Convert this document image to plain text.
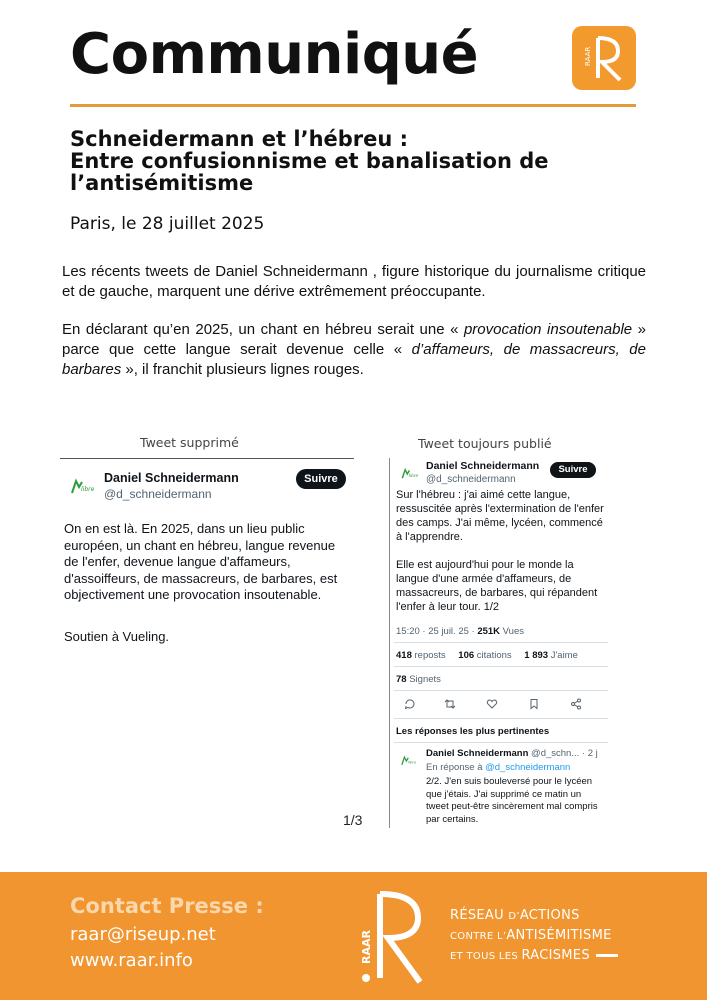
Communiqué	RAAR
Schneidermann et l’hébreu :
Entre confusionnisme et banalisation de
l’antisémitisme
Paris, le 28 juillet 2025

Les récents tweets de Daniel Schneidermann , figure historique du journalisme critique et de gauche, marquent une dérive extrêmement préoccupante.

En déclarant qu’en 2025, un chant en hébreu serait une « provocation insoutenable » parce que cette langue serait devenue celle « d’affameurs, de massacreurs, de barbares », il franchit plusieurs lignes rouges.

Tweet supprimé	Tweet toujours publié
libre
Daniel Schneidermann
@d_schneidermann
Suivre
On en est là. En 2025, dans un lieu public européen, un chant en hébreu, langue revenue de l'enfer, devenue langue d'affameurs, d'assoiffeurs, de massacreurs, de barbares, est objectivement une provocation insoutenable.
Soutien à Vueling.
libre
Daniel Schneidermann
@d_schneidermann
Suivre
Sur l'hébreu : j'ai aimé cette langue, ressuscitée après l'extermination de l'enfer des camps. J'ai même, lycéen, commencé à l'apprendre.
Elle est aujourd'hui pour le monde la langue d'une armée d'affameurs, de massacreurs, de barbares, qui répandent l'enfer à leur tour. 1/2
15:20 · 25 juil. 25 · 251K Vues
418 reposts 106 citations 1 893 J'aime
78 Signets
Les réponses les plus pertinentes
libre
Daniel Schneidermann @d_schn... · 2 j
En réponse à @d_schneidermann
2/2. J'en suis bouleversé pour le lycéen que j'étais. J'ai supprimé ce matin un tweet peut-être sincèrement mal compris par certains.
1/3
Contact Presse :
raar@riseup.net
www.raar.info	RAAR
RÉSEAU D’ACTIONS
CONTRE L’ANTISÉMITISME
ET TOUS LES RACISMES
